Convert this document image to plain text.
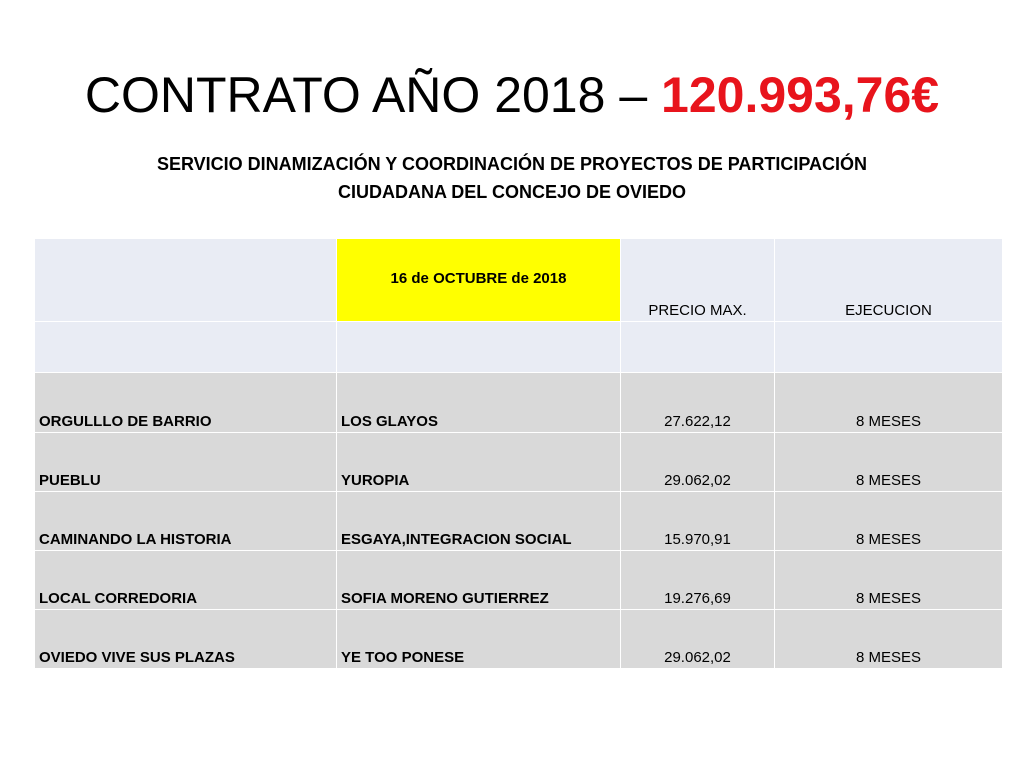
CONTRATO AÑO 2018 – 120.993,76€
SERVICIO DINAMIZACIÓN Y COORDINACIÓN DE PROYECTOS DE PARTICIPACIÓN
CIUDADANA DEL CONCEJO DE OVIEDO
	16 de OCTUBRE de 2018	PRECIO MAX.	EJECUCION

ORGULLLO DE BARRIO	LOS GLAYOS	27.622,12	8 MESES
PUEBLU	YUROPIA	29.062,02	8 MESES
CAMINANDO LA HISTORIA	ESGAYA,INTEGRACION SOCIAL	15.970,91	8 MESES
LOCAL CORREDORIA	SOFIA MORENO GUTIERREZ	19.276,69	8 MESES
OVIEDO VIVE SUS PLAZAS	YE TOO PONESE	29.062,02	8 MESES
